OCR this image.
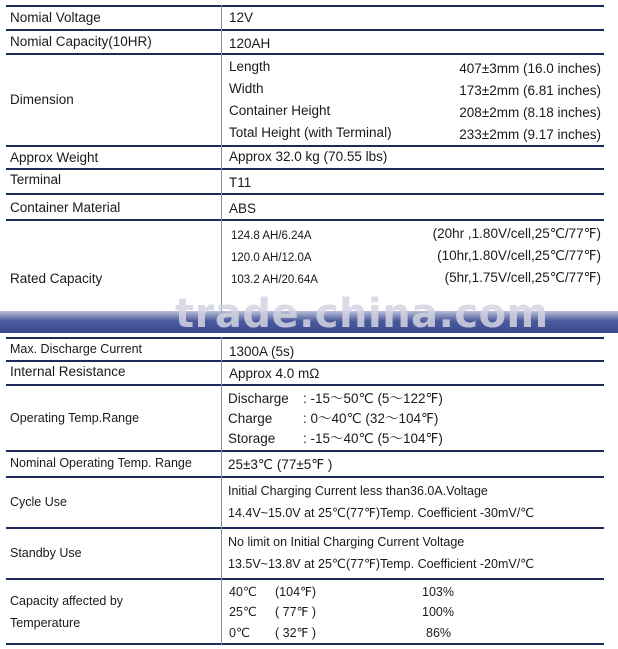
Nomial Voltage	12V
Nomial Capacity(10HR)	120AH
Dimension
Length	407±3mm (16.0 inches)
Width	173±2mm (6.81 inches)
Container Height	208±2mm (8.18 inches)
Total Height (with Terminal)	233±2mm (9.17 inches)
Approx Weight	Approx 32.0 kg (70.55 lbs)
Terminal	T11
Container Material	ABS
Rated Capacity
124.8 AH/6.24A	(20hr ,1.80V/cell,25℃/77℉)
120.0 AH/12.0A	(10hr,1.80V/cell,25℃/77℉)
103.2 AH/20.64A	(5hr,1.75V/cell,25℃/77℉)
trade.china.com
Max. Discharge Current	1300A (5s)
Internal Resistance	Approx 4.0 mΩ
Operating Temp.Range
Discharge : -15～50℃ (5～122℉)
Charge : 0～40℃ (32～104℉)
Storage : -15～40℃ (5～104℉)
Nominal Operating Temp. Range	25±3℃ (77±5℉ )
Cycle Use
Initial Charging Current less than36.0A.Voltage
14.4V~15.0V at 25℃(77℉)Temp. Coefficient -30mV/℃
Standby Use
No limit on Initial Charging Current Voltage
13.5V~13.8V at 25℃(77℉)Temp. Coefficient -20mV/℃
Capacity affected by
Temperature
40℃ (104℉)	103%
25℃ ( 77℉ )	100%
0℃ ( 32℉ )	86%
